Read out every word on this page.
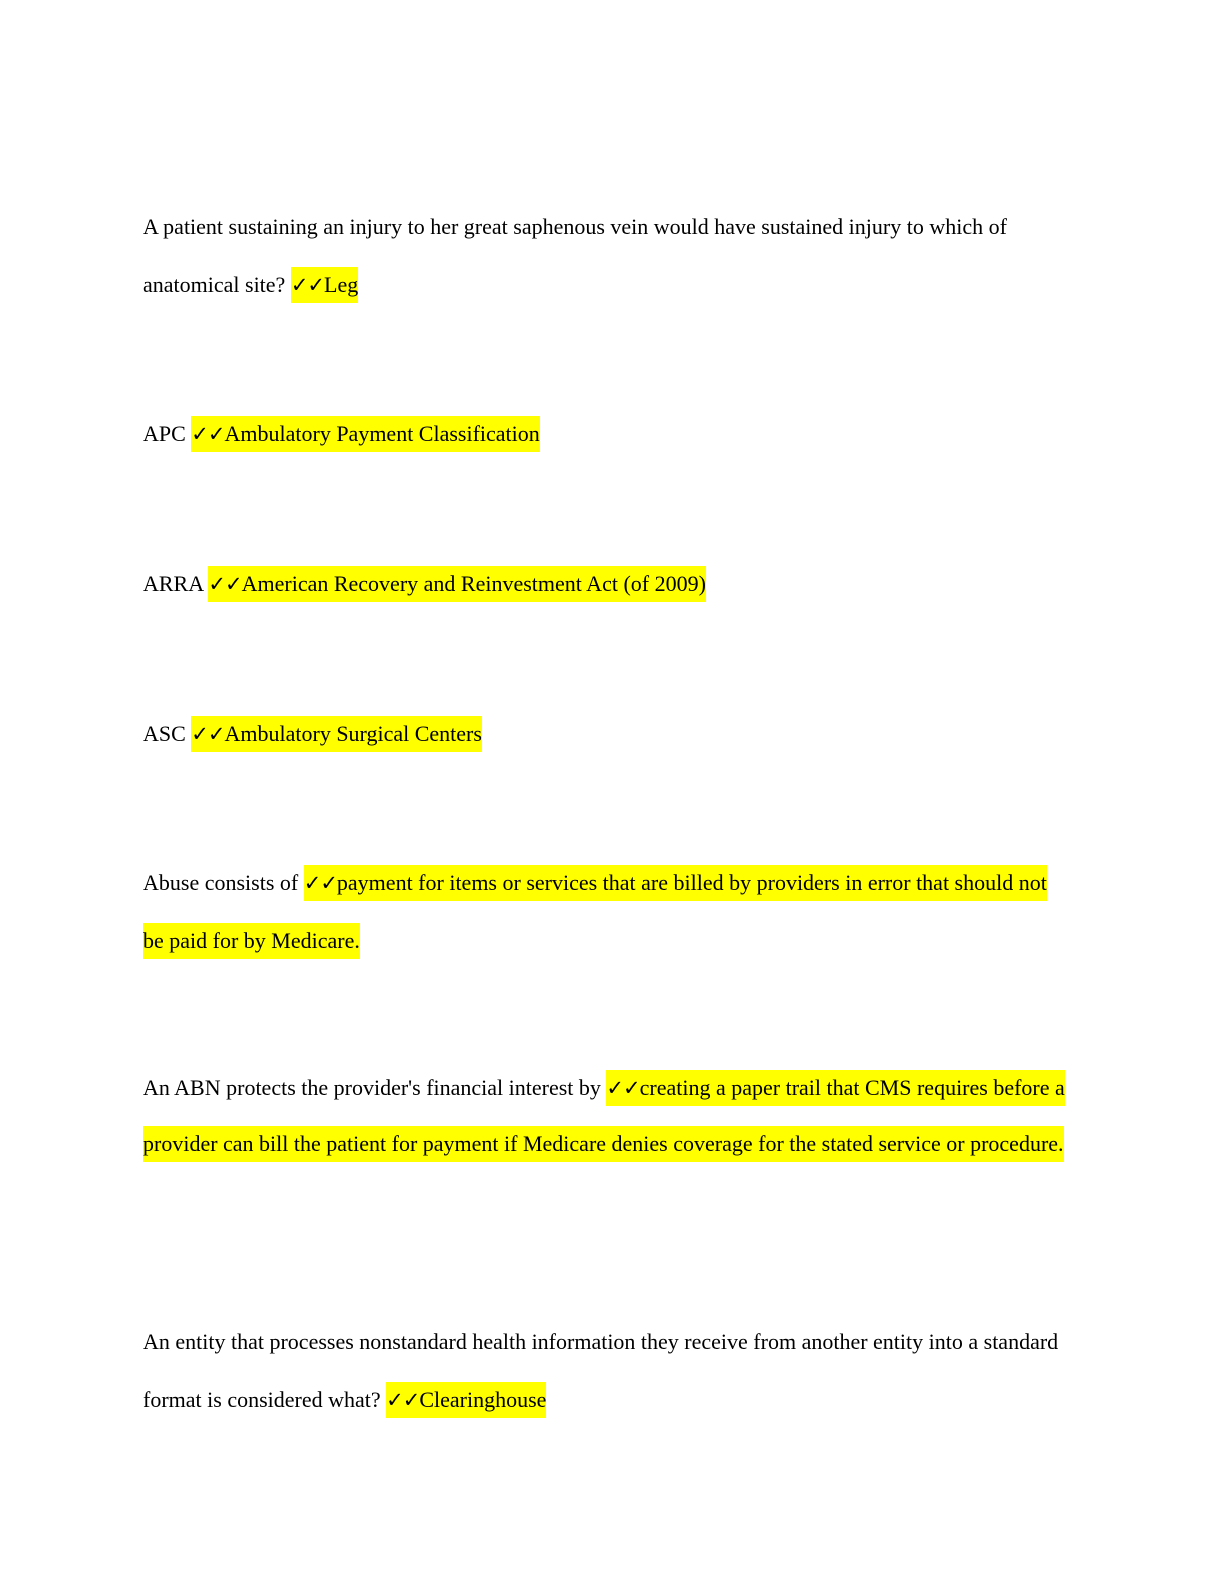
A patient sustaining an injury to her great saphenous vein would have sustained injury to which of anatomical site? ✓✓Leg

APC ✓✓Ambulatory Payment Classification

ARRA ✓✓American Recovery and Reinvestment Act (of 2009)

ASC ✓✓Ambulatory Surgical Centers

Abuse consists of ✓✓payment for items or services that are billed by providers in error that should not be paid for by Medicare.

An ABN protects the provider's financial interest by ✓✓creating a paper trail that CMS requires before a provider can bill the patient for payment if Medicare denies coverage for the stated service or procedure.

An entity that processes nonstandard health information they receive from another entity into a standard format is considered what? ✓✓Clearinghouse
